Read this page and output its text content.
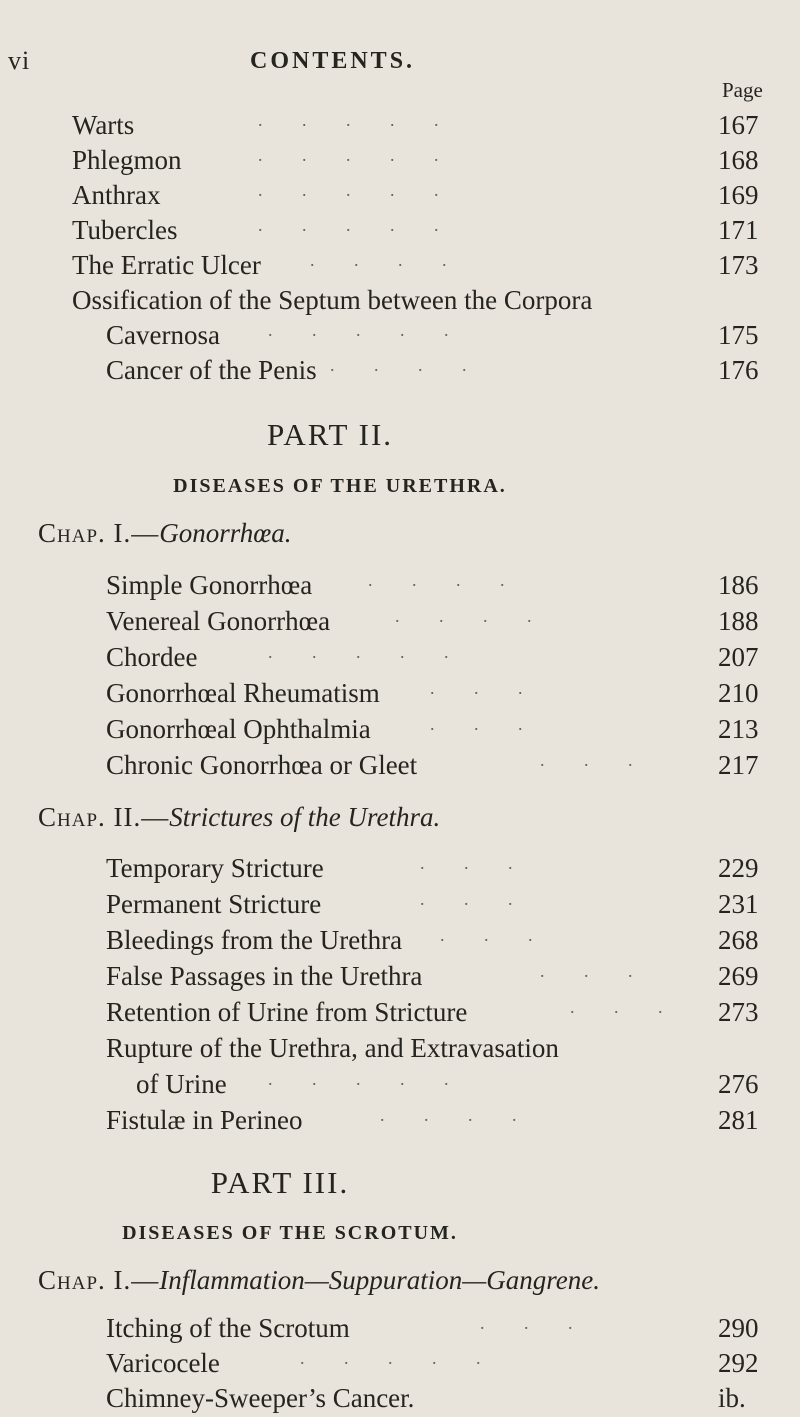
vi	CONTENTS.
Page
Warts	.       .       .       .       .	167
Phlegmon	.       .       .       .       .	168
Anthrax	.       .       .       .       .	169
Tubercles	.       .       .       .       .	171
The Erratic Ulcer	.       .       .       .	173
Ossification of the Septum between the Corpora
Cavernosa	.       .       .       .       .	175
Cancer of the Penis .       .       .       .	176
PART II.
DISEASES OF THE URETHRA.
Chap. I.—Gonorrhœa.
Simple Gonorrhœa	.       .       .       .	186
Venereal Gonorrhœa	.       .       .       .	188
Chordee	.       .       .       .       .	207
Gonorrhœal Rheumatism	.       .       .	210
Gonorrhœal Ophthalmia	.       .       .	213
Chronic Gonorrhœa or Gleet	.       .       .	217
Chap. II.—Strictures of the Urethra.
Temporary Stricture	.       .       .	229
Permanent Stricture	.       .       .	231
Bleedings from the Urethra .       .       .	268
False Passages in the Urethra	.       .       .	269
Retention of Urine from Stricture	.       .       . 273
Rupture of the Urethra, and Extravasation
of Urine .       .       .       .       .	276
Fistulæ in Perineo	.       .       .       .	281
PART III.
DISEASES OF THE SCROTUM.
Chap. I.—Inflammation—Suppuration—Gangrene.
Itching of the Scrotum	.       .       .	290
Varicocele	.       .       .       .       .	292
Chimney-Sweeper’s Cancer.	ib.
